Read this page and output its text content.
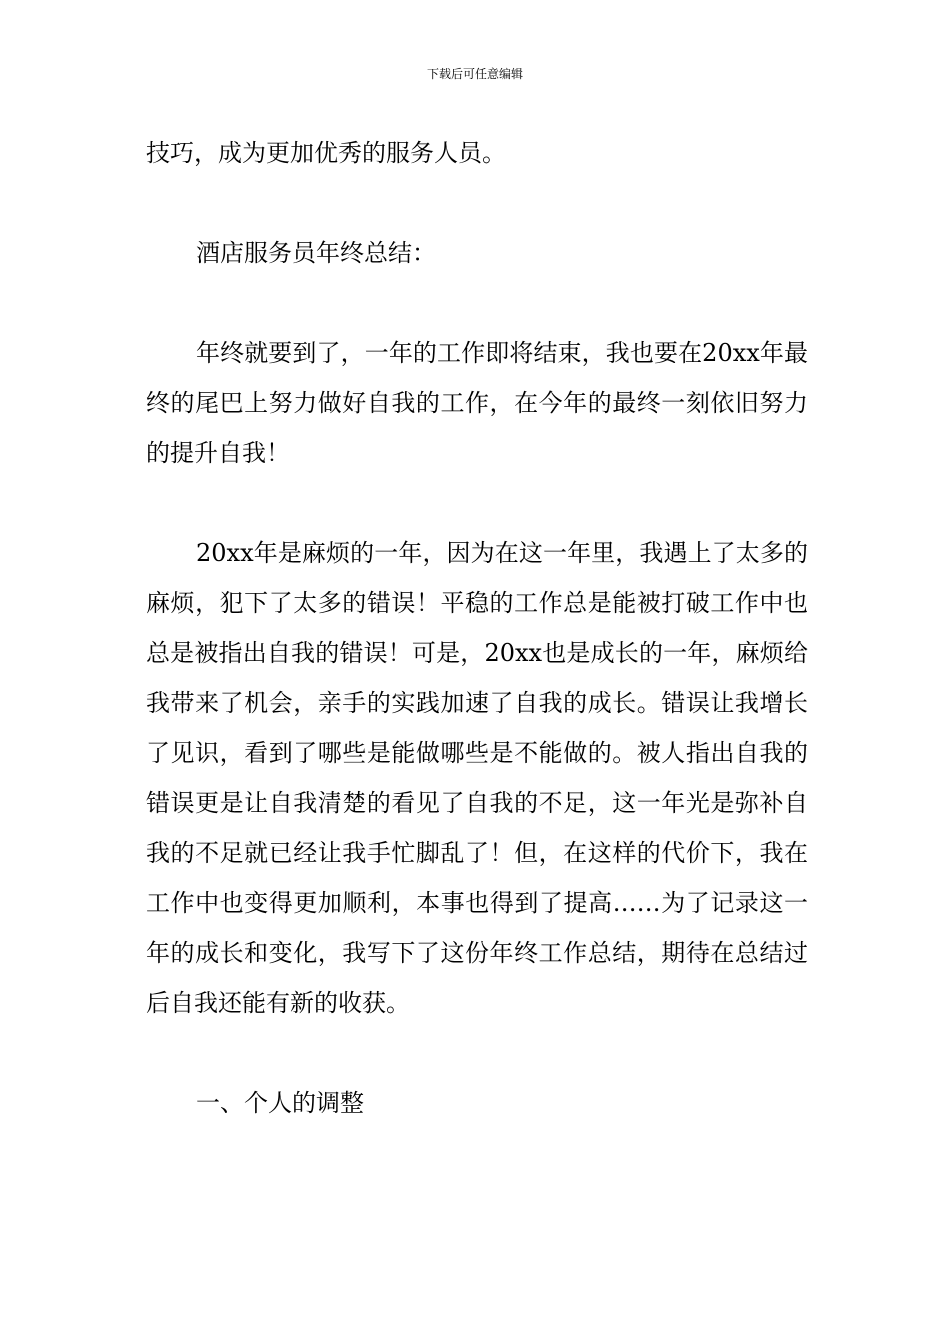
下载后可任意编辑

技巧，成为更加优秀的服务人员。

酒店服务员年终总结：

年终就要到了，一年的工作即将结束，我也要在20xx年最终的尾巴上努力做好自我的工作，在今年的最终一刻依旧努力的提升自我！

20xx年是麻烦的一年，因为在这一年里，我遇上了太多的麻烦，犯下了太多的错误！平稳的工作总是能被打破工作中也总是被指出自我的错误！可是，20xx也是成长的一年，麻烦给我带来了机会，亲手的实践加速了自我的成长。错误让我增长了见识，看到了哪些是能做哪些是不能做的。被人指出自我的错误更是让自我清楚的看见了自我的不足，这一年光是弥补自我的不足就已经让我手忙脚乱了！但，在这样的代价下，我在工作中也变得更加顺利，本事也得到了提高……为了记录这一年的成长和变化，我写下了这份年终工作总结，期待在总结过后自我还能有新的收获。

一、个人的调整
